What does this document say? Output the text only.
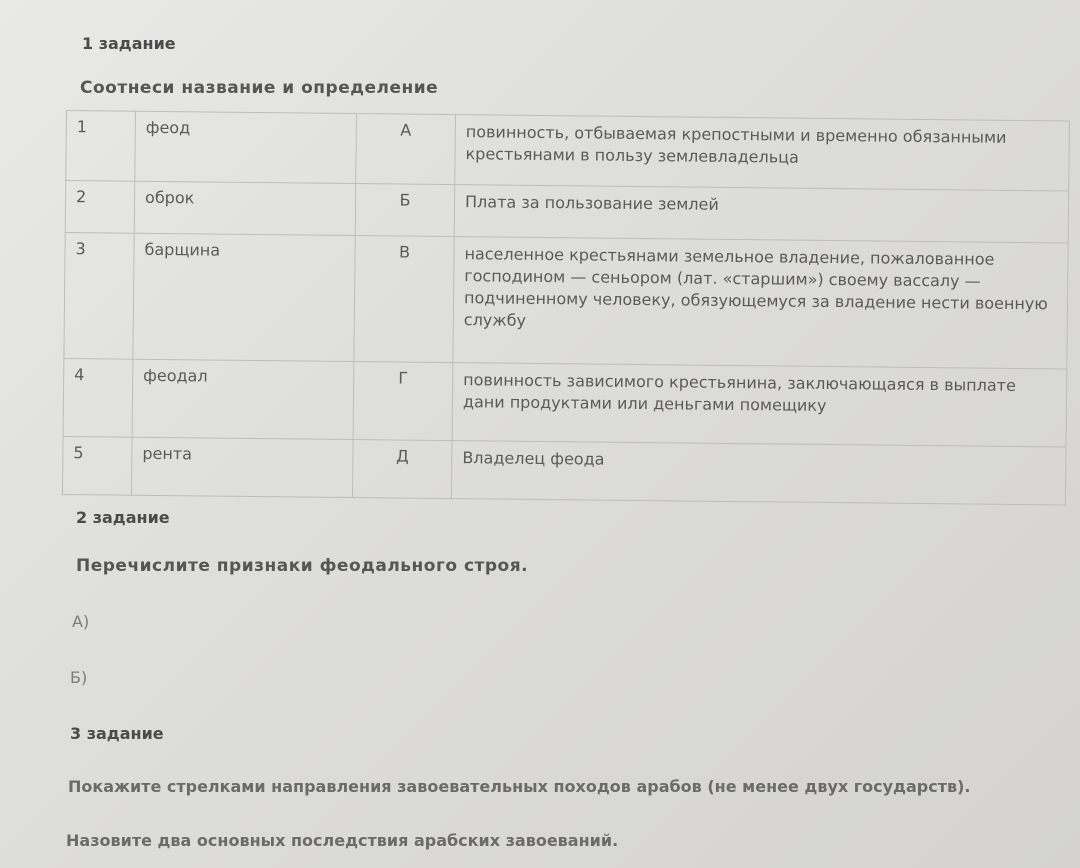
1 задание
Соотнеси название и определение
1	феод	А	повинность, отбываемая крепостными и временно обязанными крестьянами в пользу землевладельца
2	оброк	Б	Плата за пользование землей
3	барщина	В	населенное крестьянами земельное владение, пожалованное господином — сеньором (лат. «старшим») своему вассалу — подчиненному человеку, обязующемуся за владение нести военную службу
4	феодал	Г	повинность зависимого крестьянина, заключающаяся в выплате дани продуктами или деньгами помещику
5	рента	Д	Владелец феода
2 задание
Перечислите признаки феодального строя.
А)
Б)
3 задание
Покажите стрелками направления завоевательных походов арабов (не менее двух государств).
Назовите два основных последствия арабских завоеваний.
